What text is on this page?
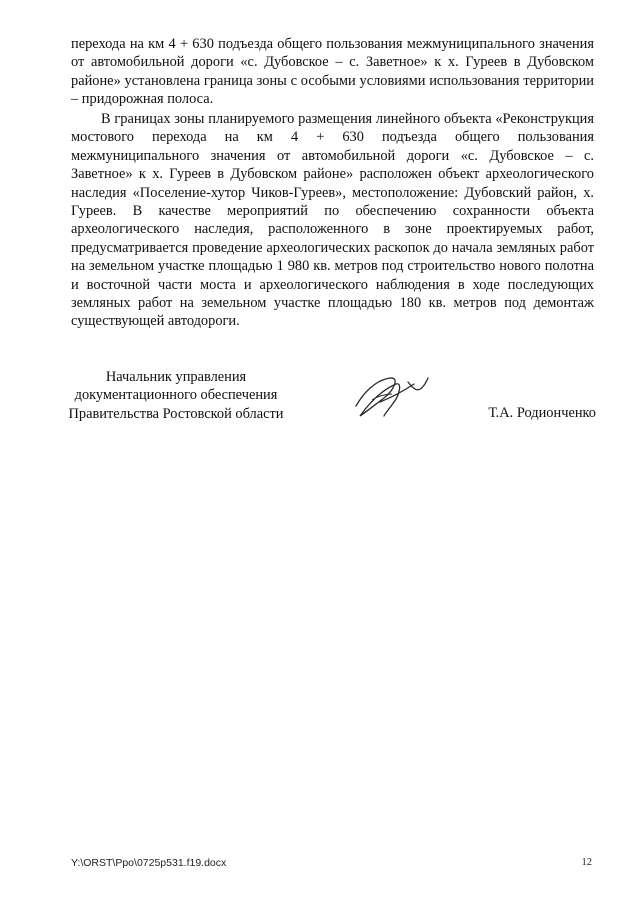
перехода на км 4 + 630 подъезда общего пользования межмуниципального значения от автомобильной дороги «с. Дубовское – с. Заветное» к х. Гуреев в Дубовском районе» установлена граница зоны с особыми условиями использования территории – придорожная полоса.

В границах зоны планируемого размещения линейного объекта «Реконструкция мостового перехода на км 4 + 630 подъезда общего пользования межмуниципального значения от автомобильной дороги «с. Дубовское – с. Заветное» к х. Гуреев в Дубовском районе» расположен объект археологического наследия «Поселение-хутор Чиков-Гуреев», местоположение: Дубовский район, х. Гуреев. В качестве мероприятий по обеспечению сохранности объекта археологического наследия, расположенного в зоне проектируемых работ, предусматривается проведение археологических раскопок до начала земляных работ на земельном участке площадью 1 980 кв. метров под строительство нового полотна и восточной части моста и археологического наблюдения в ходе последующих земляных работ на земельном участке площадью 180 кв. метров под демонтаж существующей автодороги.

Начальник управления
документационного обеспечения
Правительства Ростовской области	Т.А. Родионченко
Y:\ORST\Ppo\0725p531.f19.docx	12
